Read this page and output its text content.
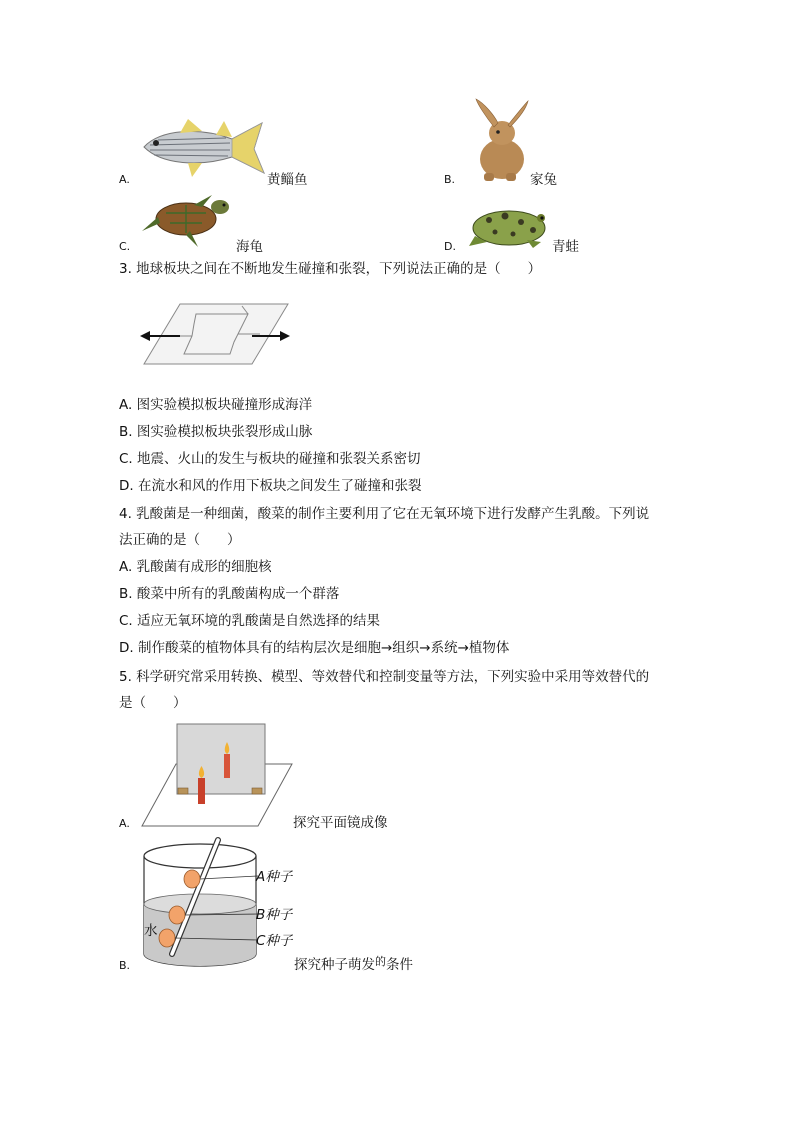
A.	黄鲻鱼	B.	家兔
C.	海龟	D.	青蛙
3. 地球板块之间在不断地发生碰撞和张裂，下列说法正确的是（　　）
A. 图实验模拟板块碰撞形成海洋
B. 图实验模拟板块张裂形成山脉
C. 地震、火山的发生与板块的碰撞和张裂关系密切
D. 在流水和风的作用下板块之间发生了碰撞和张裂
4. 乳酸菌是一种细菌，酸菜的制作主要利用了它在无氧环境下进行发酵产生乳酸。下列说
法正确的是（　　）
A. 乳酸菌有成形的细胞核
B. 酸菜中所有的乳酸菌构成一个群落
C. 适应无氧环境的乳酸菌是自然选择的结果
D. 制作酸菜的植物体具有的结构层次是细胞→组织→系统→植物体
5. 科学研究常采用转换、模型、等效替代和控制变量等方法，下列实验中采用等效替代的
是（　　）
A.	探究平面镜成像
B.
A种子
B种子
C种子
水
探究种子萌发$^的$条件
